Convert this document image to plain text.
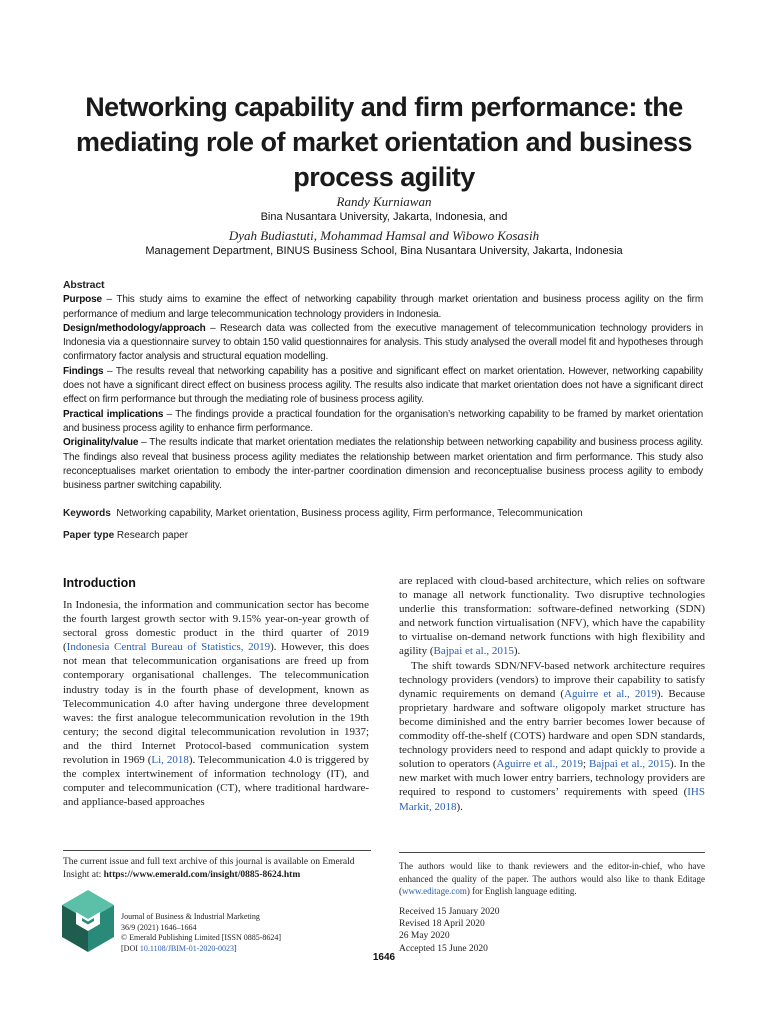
Networking capability and firm performance: the mediating role of market orientation and business process agility
Randy Kurniawan
Bina Nusantara University, Jakarta, Indonesia, and
Dyah Budiastuti, Mohammad Hamsal and Wibowo Kosasih
Management Department, BINUS Business School, Bina Nusantara University, Jakarta, Indonesia
Abstract

Purpose – This study aims to examine the effect of networking capability through market orientation and business process agility on the firm performance of medium and large telecommunication technology providers in Indonesia.

Design/methodology/approach – Research data was collected from the executive management of telecommunication technology providers in Indonesia via a questionnaire survey to obtain 150 valid questionnaires for analysis. This study analysed the overall model fit and hypotheses through confirmatory factor analysis and structural equation modelling.

Findings – The results reveal that networking capability has a positive and significant effect on market orientation. However, networking capability does not have a significant direct effect on business process agility. The results also indicate that market orientation does not have a significant direct effect on firm performance but through the mediating role of business process agility.

Practical implications – The findings provide a practical foundation for the organisation’s networking capability to be framed by market orientation and business process agility to enhance firm performance.

Originality/value – The results indicate that market orientation mediates the relationship between networking capability and business process agility. The findings also reveal that business process agility mediates the relationship between market orientation and firm performance. This study also reconceptualises market orientation to embody the inter-partner coordination dimension and reconceptualise business process agility to embody business partner switching capability.

Keywords Networking capability, Market orientation, Business process agility, Firm performance, Telecommunication
Paper type Research paper
Introduction

In Indonesia, the information and communication sector has become the fourth largest growth sector with 9.15% year-on-year growth of sectoral gross domestic product in the third quarter of 2019 (Indonesia Central Bureau of Statistics, 2019). However, this does not mean that telecommunication organisations are freed up from contemporary organisational challenges. The telecommunication industry today is in the fourth phase of development, known as Telecommunication 4.0 after having undergone three development waves: the first analogue telecommunication revolution in the 19th century; the second digital telecommunication revolution in 1937; and the third Internet Protocol-based communication system revolution in 1969 (Li, 2018). Telecommunication 4.0 is triggered by the complex intertwinement of information technology (IT), and computer and telecommunication (CT), where traditional hardware- and appliance-based approaches

are replaced with cloud-based architecture, which relies on software to manage all network functionality. Two disruptive technologies underlie this transformation: software-defined networking (SDN) and network function virtualisation (NFV), which have the capability to virtualise on-demand network functions with high flexibility and agility (Bajpai et al., 2015).

The shift towards SDN/NFV-based network architecture requires technology providers (vendors) to improve their capability to satisfy dynamic requirements on demand (Aguirre et al., 2019). Because proprietary hardware and software oligopoly market structure has become diminished and the entry barrier becomes lower because of commodity off-the-shelf (COTS) hardware and open SDN standards, technology providers need to respond and adapt quickly to provide a solution to operators (Aguirre et al., 2019; Bajpai et al., 2015). In the new market with much lower entry barriers, technology providers are required to respond to customers’ requirements with speed (IHS Markit, 2018).

The current issue and full text archive of this journal is available on Emerald Insight at: https://www.emerald.com/insight/0885-8624.htm
Journal of Business & Industrial Marketing
36/9 (2021) 1646–1664
© Emerald Publishing Limited [ISSN 0885-8624]
[DOI 10.1108/JBIM-01-2020-0023]
The authors would like to thank reviewers and the editor-in-chief, who have enhanced the quality of the paper. The authors would also like to thank Editage (www.editage.com) for English language editing.
Received 15 January 2020
Revised 18 April 2020
26 May 2020
Accepted 15 June 2020
1646
